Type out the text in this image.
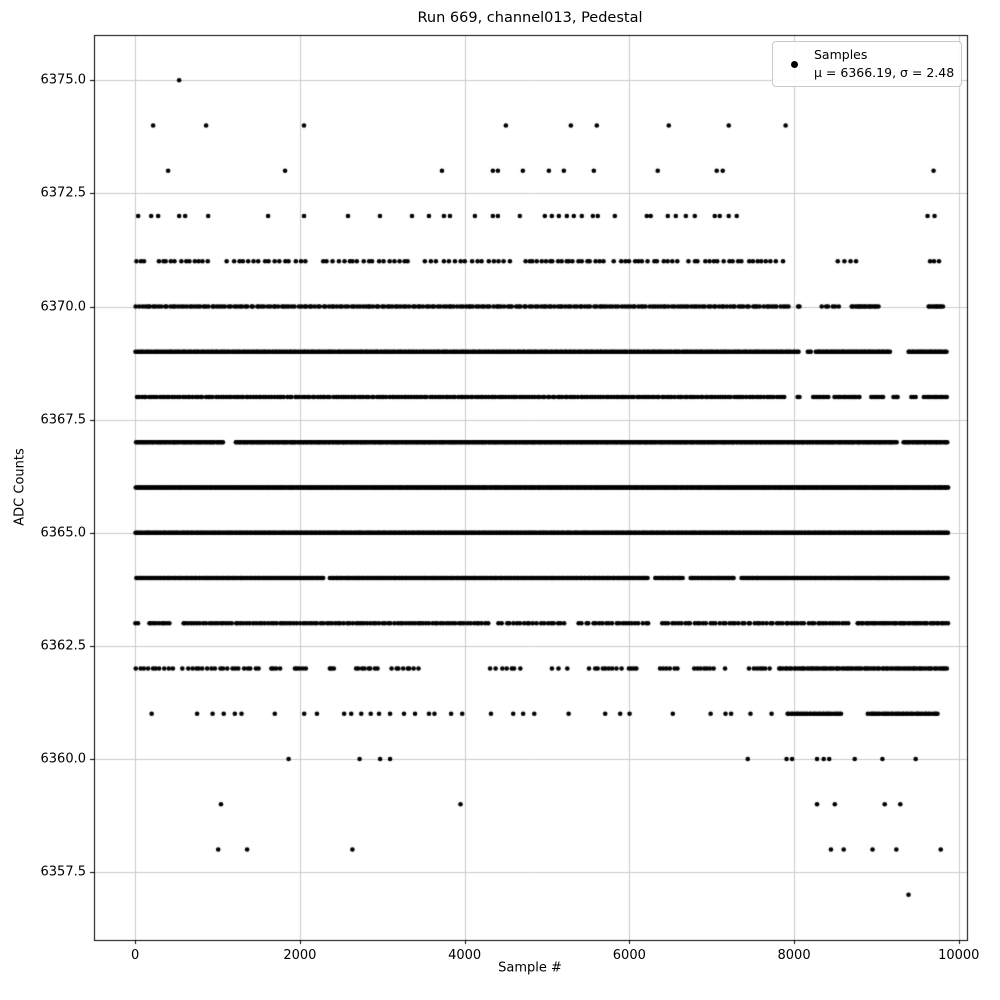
Run 669, channel013, Pedestal
Sample #
ADC Counts
0	2000	4000	6000	8000	10000
6357.5
6360.0
6362.5
6365.0
6367.5
6370.0
6372.5
6375.0
Samples
μ = 6366.19, σ = 2.48
